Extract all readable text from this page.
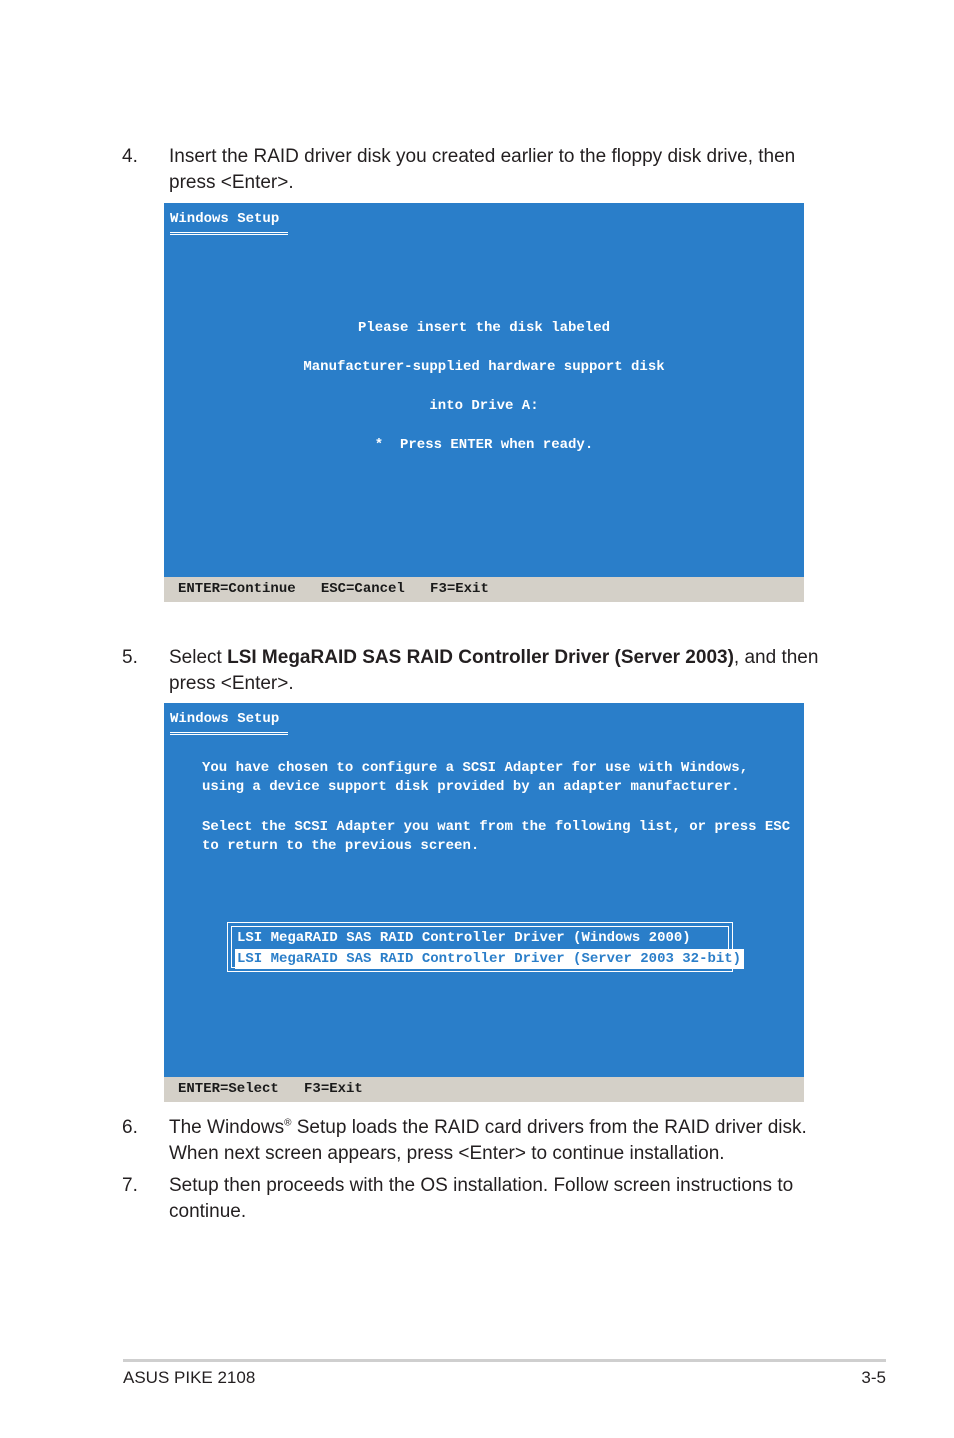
4. Insert the RAID driver disk you created earlier to the floppy disk drive, then
press <Enter>.
Windows Setup
Please insert the disk labeled
Manufacturer-supplied hardware support disk
into Drive A:
*  Press ENTER when ready.

ENTER=Continue   ESC=Cancel   F3=Exit

5. Select LSI MegaRAID SAS RAID Controller Driver (Server 2003), and then
press <Enter>.
Windows Setup
You have chosen to configure a SCSI Adapter for use with Windows,
using a device support disk provided by an adapter manufacturer.
Select the SCSI Adapter you want from the following list, or press ESC
to return to the previous screen.
LSI MegaRAID SAS RAID Controller Driver (Windows 2000)
LSI MegaRAID SAS RAID Controller Driver (Server 2003 32-bit)

ENTER=Select   F3=Exit

6. The Windows® Setup loads the RAID card drivers from the RAID driver disk.
When next screen appears, press <Enter> to continue installation.
7. Setup then proceeds with the OS installation. Follow screen instructions to
continue.
ASUS PIKE 2108	3-5
